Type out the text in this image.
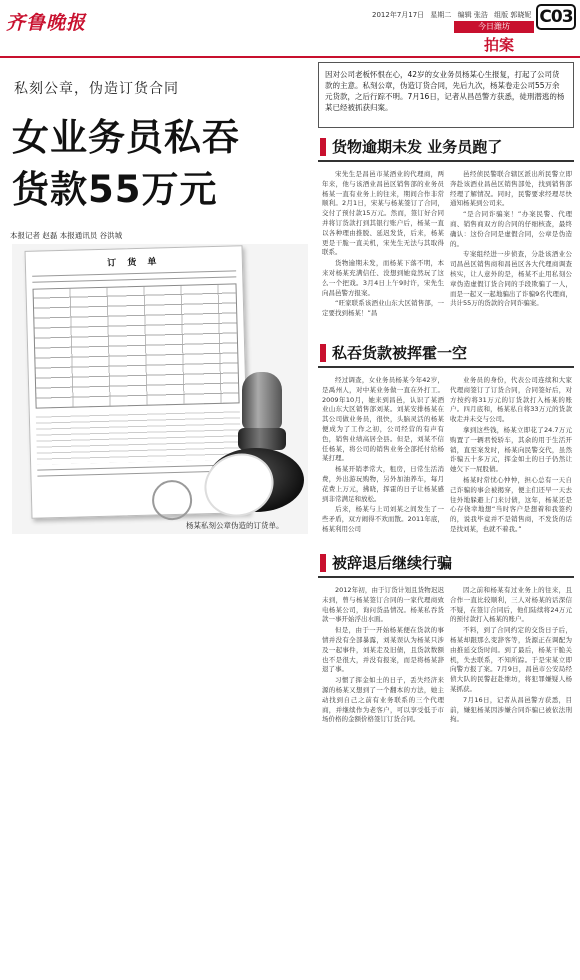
齐鲁晚报	2012年7月17日 星期二 编辑 张浩 组版 郭晓妮 C03
今日潍坊
拍案
私刻公章，伪造订货合同
女业务员私吞
货款55万元
本报记者 赵磊 本报通讯员 谷洪城
订 货 单
杨某私刻公章伪造的订货单。
因对公司老板怀恨在心，42岁的女业务员杨某心生报复，打起了公司货款的主意。私刻公章，伪造订货合同，先后九次，杨某卷走公司55万余元货款，之后行踪不明。7月16日，记者从昌邑警方获悉，徒刑潜逃的杨某已经被抓获归案。
货物逾期未发 业务员跑了

宋先生是昌邑市某酒业的代理商，两年来，他与该酒业昌邑区销售部的业务员杨某一直有业务上的往来，期间合作非常顺利。2月1日，宋某与杨某签订了合同，交付了预付款15万元。然而，签订好合同并将订货款打到其银行账户后，杨某一直以各种理由推脱、延迟发货，后来，杨某更是干脆一直关机，宋先生无法与其取得联系。

货物逾期未发，而杨某下落不明，本来对杨某充满信任、没想到她竟然玩了这么一个把戏。3月4日上午9时许，宋先生向昌邑警方报案。

“旺家联系该酒业山东大区销售部，一定要找到杨某！”昌

邑经侦民警联合辖区派出所民警立即奔赴该酒业昌邑区销售部处，找到销售部经理了解情况。同时，民警要求经理尽快通知杨某到公司来。

“是合同诈骗案！”办案民警、代理商、销售商双方的合同的仔细核查，最终确认：这份合同是虚假合同，公章是伪造的。

专案组经进一步侦查，分赴该酒业公司昌邑区销售商和昌邑区各大代理商调查核实，让人意外的是，杨某不止用私刻公章伪造虚假订货合同的手段欺骗了一人，而是一起又一起地骗出了诈骗9名代理商，共计55万的货款的合同诈骗案。

私吞货款被挥霍一空

经过调查，女业务员杨某今年42岁，是禹州人，对中某业务做一直在外打工。2009年10月，她来到昌邑，认识了某酒业山东大区销售部刘某。刘某安排杨某在其公司做业务员，很快，头脑灵活的杨某便成为了工作之初，公司经营的有声有色，销售业绩高居全县。但是，刘某不信任杨某，将公司的销售业务全部托付给杨某打理。

杨某开销孝常大，租房，日常生活消费，外出游玩购物，另外加油养车，每月花费上万元，拂晓，挥霍的日子让杨某感到非常满足和放松。

后来，杨某与上司刘某之间发生了一些矛盾，双方闹得不欢而散。2011年底，杨某利用公司

业务员的身份，代表公司连续和大家代理商签订了订货合同，合同签好后，对方按约将31万元的订货款打入杨某的账户。四月底和，杨某私自将33万元的货款收走并未交与公司。

拿到这些钱，杨某立即花了24.7万元购置了一辆君悦轿车，其余的用于生活开销，直至案发时，杨某向民警交代，虽然诈骗五十多万元，挥金如土的日子仍然让她欠下一屁股债。

杨某时常忧心忡忡，担心总有一天自己诈骗的事会被揭穿，便主们还早一天去往外地躲避上门来讨债，这年，杨某还是心存侥幸地想“当时客户是想着和我签约的，说我毕竟并不是销售商，不发货的话是找刘某，也就不着我。”

被辞退后继续行骗

2012年初，由于订货计划且货物迟迟未到，曾与杨某签订合同的一家代理商致电杨某公司，询问货品情况。杨某私吞货款一事开始浮出水面。

但是，由于一开始杨某便在货款的事情并没有全部暴露，刘某误认为杨某只涉及一起事件，刘某走及旧债，且货款数额也不是很大，并没有报案，而是将杨某辞退了事。

习惯了挥金如土的日子，丢失经济来源的杨某又想到了一个翻本的方法，她主动找到自己之前有业务联系的三个代理商，并继续作为老客户，可以享受低于市场价格的金额价格签订订货合同。

因之前和杨某有过业务上的往来，且合作一直比较顺利，三人对杨某的话深信不疑，在签订合同后，他们陆续将24万元的预付款打入杨某的账户。

不料，到了合同约定的交货日子后，杨某却跟那么变辞客等，货源正在调配为由推延交货时间。到了最后，杨某干脆关机，失去联系，不知所踪。于是宋某立即向警方报了案。7月9日，昌邑市公安局经侦大队的民警赶赴维坊，将犯罪嫌疑人杨某抓获。

7月16日，记者从昌邑警方获悉，目前，嫌犯杨某因涉嫌合同诈骗已被依法刑拘。
